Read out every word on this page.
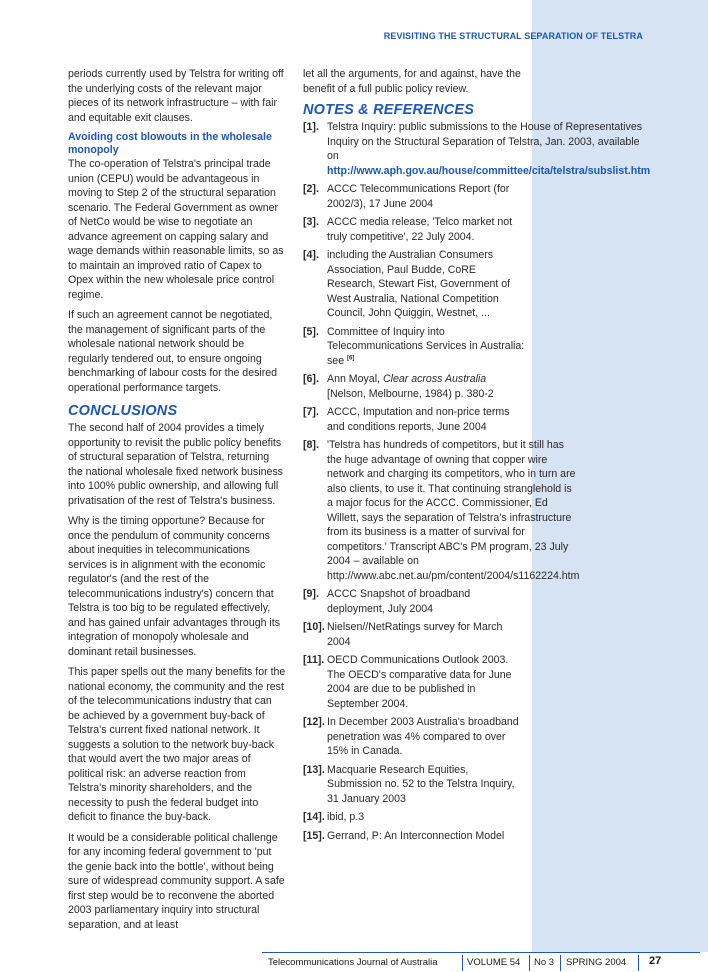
REVISITING THE STRUCTURAL SEPARATION OF TELSTRA

periods currently used by Telstra for writing off the underlying costs of the relevant major pieces of its network infrastructure – with fair and equitable exit clauses.

Avoiding cost blowouts in the wholesale monopoly

The co-operation of Telstra's principal trade union (CEPU) would be advantageous in moving to Step 2 of the structural separation scenario. The Federal Government as owner of NetCo would be wise to negotiate an advance agreement on capping salary and wage demands within reasonable limits, so as to maintain an improved ratio of Capex to Opex within the new wholesale price control regime.

If such an agreement cannot be negotiated, the management of significant parts of the wholesale national network should be regularly tendered out, to ensure ongoing benchmarking of labour costs for the desired operational performance targets.

CONCLUSIONS

The second half of 2004 provides a timely opportunity to revisit the public policy benefits of structural separation of Telstra, returning the national wholesale fixed network business into 100% public ownership, and allowing full privatisation of the rest of Telstra's business.

Why is the timing opportune? Because for once the pendulum of community concerns about inequities in telecommunications services is in alignment with the economic regulator's (and the rest of the telecommunications industry's) concern that Telstra is too big to be regulated effectively, and has gained unfair advantages through its integration of monopoly wholesale and dominant retail businesses.

This paper spells out the many benefits for the national economy, the community and the rest of the telecommunications industry that can be achieved by a government buy-back of Telstra's current fixed national network. It suggests a solution to the network buy-back that would avert the two major areas of political risk: an adverse reaction from Telstra's minority shareholders, and the necessity to push the federal budget into deficit to finance the buy-back.

It would be a considerable political challenge for any incoming federal government to 'put the genie back into the bottle', without being sure of widespread community support. A safe first step would be to reconvene the aborted 2003 parliamentary inquiry into structural separation, and at least

let all the arguments, for and against, have the benefit of a full public policy review.

NOTES & REFERENCES
[1]. Telstra Inquiry: public submissions to the House of Representatives Inquiry on the Structural Separation of Telstra, Jan. 2003, available on http://www.aph.gov.au/house/committee/cita/telstra/subslist.htm
[2]. ACCC Telecommunications Report (for 2002/3), 17 June 2004
[3]. ACCC media release, 'Telco market not truly competitive', 22 July 2004.
[4]. including the Australian Consumers Association, Paul Budde, CoRE Research, Stewart Fist, Government of West Australia, National Competition Council, John Quiggin, Westnet, ...
[5]. Committee of Inquiry into Telecommunications Services in Australia: see [6]
[6]. Ann Moyal, Clear across Australia
[Nelson, Melbourne, 1984) p. 380-2
[7]. ACCC, Imputation and non-price terms and conditions reports, June 2004
[8]. 'Telstra has hundreds of competitors, but it still has the huge advantage of owning that copper wire network and charging its competitors, who in turn are also clients, to use it. That continuing stranglehold is a major focus for the ACCC. Commissioner, Ed Willett, says the separation of Telstra's infrastructure from its business is a matter of survival for competitors.' Transcript ABC's PM program, 23 July 2004 – available on http://www.abc.net.au/pm/content/2004/s1162224.htm
[9]. ACCC Snapshot of broadband deployment, July 2004
[10]. Nielsen//NetRatings survey for March 2004
[11]. OECD Communications Outlook 2003. The OECD's comparative data for June 2004 are due to be published in September 2004.
[12]. In December 2003 Australia's broadband penetration was 4% compared to over 15% in Canada.
[13]. Macquarie Research Equities, Submission no. 52 to the Telstra Inquiry, 31 January 2003
[14]. ibid, p.3
[15]. Gerrand, P: An Interconnection Model
Telecommunications Journal of Australia	VOLUME 54 No 3 SPRING 2004 27
